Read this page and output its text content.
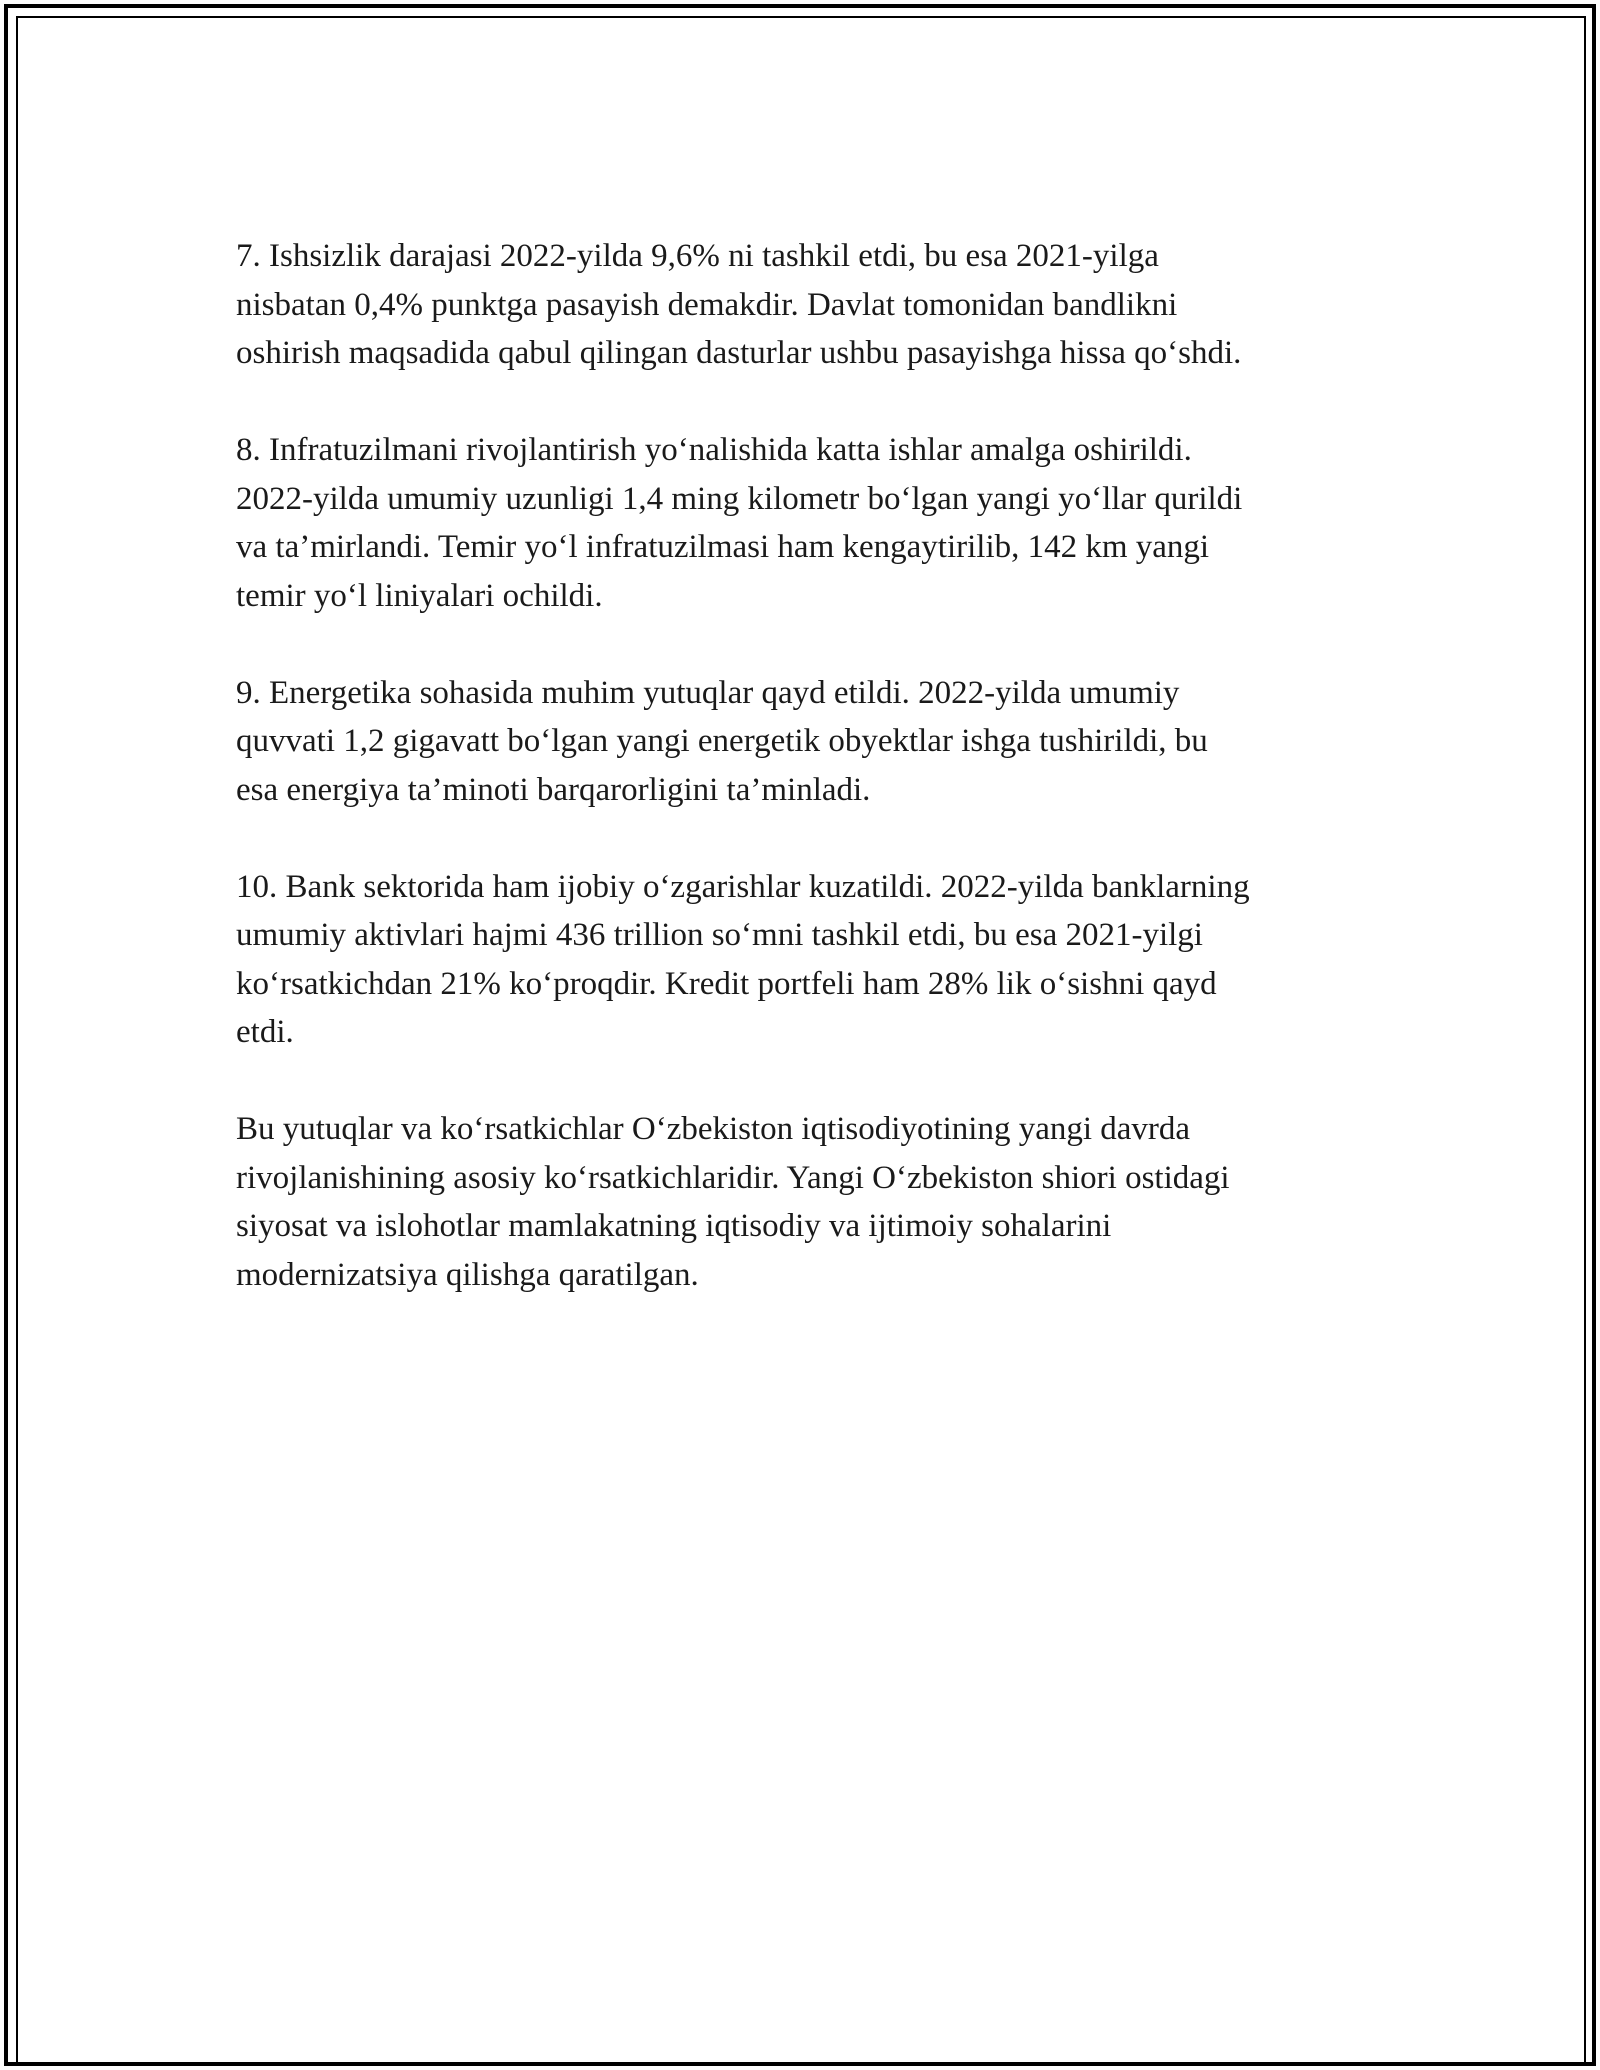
7. Ishsizlik darajasi 2022-yilda 9,6% ni tashkil etdi, bu esa 2021-yilga
nisbatan 0,4% punktga pasayish demakdir. Davlat tomonidan bandlikni
oshirish maqsadida qabul qilingan dasturlar ushbu pasayishga hissa qo‘shdi.

8. Infratuzilmani rivojlantirish yo‘nalishida katta ishlar amalga oshirildi.
2022-yilda umumiy uzunligi 1,4 ming kilometr bo‘lgan yangi yo‘llar qurildi
va ta’mirlandi. Temir yo‘l infratuzilmasi ham kengaytirilib, 142 km yangi
temir yo‘l liniyalari ochildi.

9. Energetika sohasida muhim yutuqlar qayd etildi. 2022-yilda umumiy
quvvati 1,2 gigavatt bo‘lgan yangi energetik obyektlar ishga tushirildi, bu
esa energiya ta’minoti barqarorligini ta’minladi.

10. Bank sektorida ham ijobiy o‘zgarishlar kuzatildi. 2022-yilda banklarning
umumiy aktivlari hajmi 436 trillion so‘mni tashkil etdi, bu esa 2021-yilgi
ko‘rsatkichdan 21% ko‘proqdir. Kredit portfeli ham 28% lik o‘sishni qayd
etdi.

Bu yutuqlar va ko‘rsatkichlar O‘zbekiston iqtisodiyotining yangi davrda
rivojlanishining asosiy ko‘rsatkichlaridir. Yangi O‘zbekiston shiori ostidagi
siyosat va islohotlar mamlakatning iqtisodiy va ijtimoiy sohalarini
modernizatsiya qilishga qaratilgan.
